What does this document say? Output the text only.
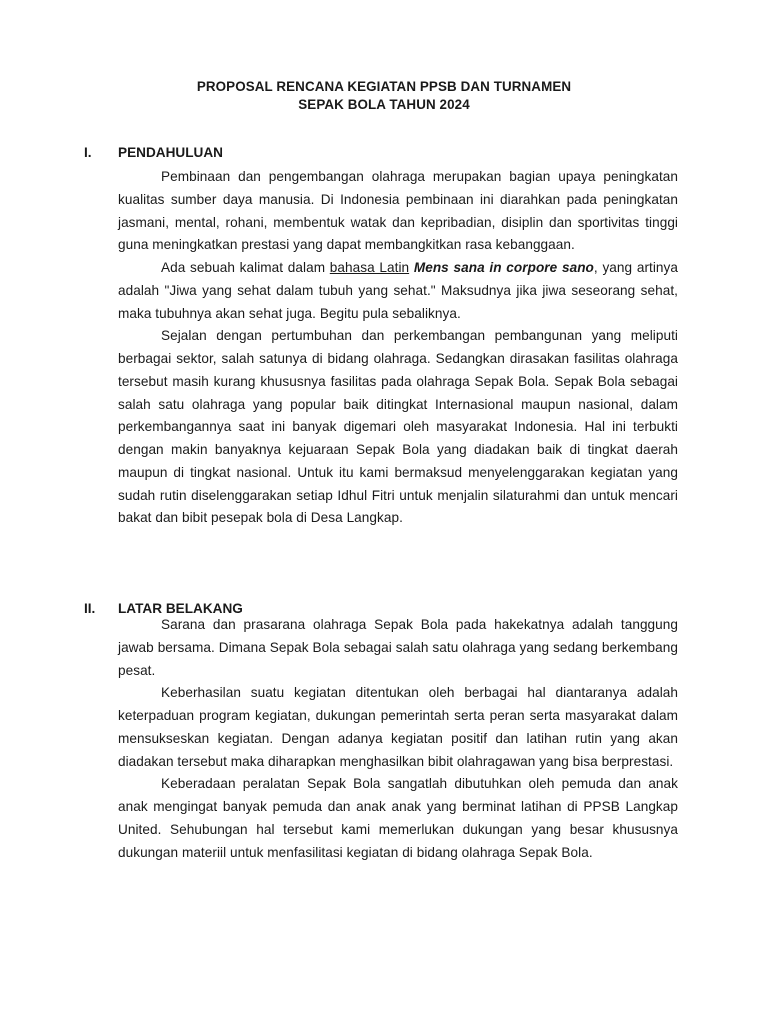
PROPOSAL RENCANA KEGIATAN PPSB DAN TURNAMEN
SEPAK BOLA TAHUN 2024
I. PENDAHULUAN

Pembinaan dan pengembangan olahraga merupakan bagian upaya peningkatan kualitas sumber daya manusia. Di Indonesia pembinaan ini diarahkan pada peningkatan jasmani, mental, rohani, membentuk watak dan kepribadian, disiplin dan sportivitas tinggi guna meningkatkan prestasi yang dapat membangkitkan rasa kebanggaan.

Ada sebuah kalimat dalam bahasa Latin Mens sana in corpore sano, yang artinya adalah "Jiwa yang sehat dalam tubuh yang sehat." Maksudnya jika jiwa seseorang sehat, maka tubuhnya akan sehat juga. Begitu pula sebaliknya.

Sejalan dengan pertumbuhan dan perkembangan pembangunan yang meliputi berbagai sektor, salah satunya di bidang olahraga. Sedangkan dirasakan fasilitas olahraga tersebut masih kurang khususnya fasilitas pada olahraga Sepak Bola. Sepak Bola sebagai salah satu olahraga yang popular baik ditingkat Internasional maupun nasional, dalam perkembangannya saat ini banyak digemari oleh masyarakat Indonesia. Hal ini terbukti dengan makin banyaknya kejuaraan Sepak Bola yang diadakan baik di tingkat daerah maupun di tingkat nasional. Untuk itu kami bermaksud menyelenggarakan kegiatan yang sudah rutin diselenggarakan setiap Idhul Fitri untuk menjalin silaturahmi dan untuk mencari bakat dan bibit pesepak bola di Desa Langkap.

II. LATAR BELAKANG

Sarana dan prasarana olahraga Sepak Bola pada hakekatnya adalah tanggung jawab bersama. Dimana Sepak Bola sebagai salah satu olahraga yang sedang berkembang pesat.

Keberhasilan suatu kegiatan ditentukan oleh berbagai hal diantaranya adalah keterpaduan program kegiatan, dukungan pemerintah serta peran serta masyarakat dalam mensukseskan kegiatan. Dengan adanya kegiatan positif dan latihan rutin yang akan diadakan tersebut maka diharapkan menghasilkan bibit olahragawan yang bisa berprestasi.

Keberadaan peralatan Sepak Bola sangatlah dibutuhkan oleh pemuda dan anak anak mengingat banyak pemuda dan anak anak yang berminat latihan di PPSB Langkap United. Sehubungan hal tersebut kami memerlukan dukungan yang besar khususnya dukungan materiil untuk menfasilitasi kegiatan di bidang olahraga Sepak Bola.
